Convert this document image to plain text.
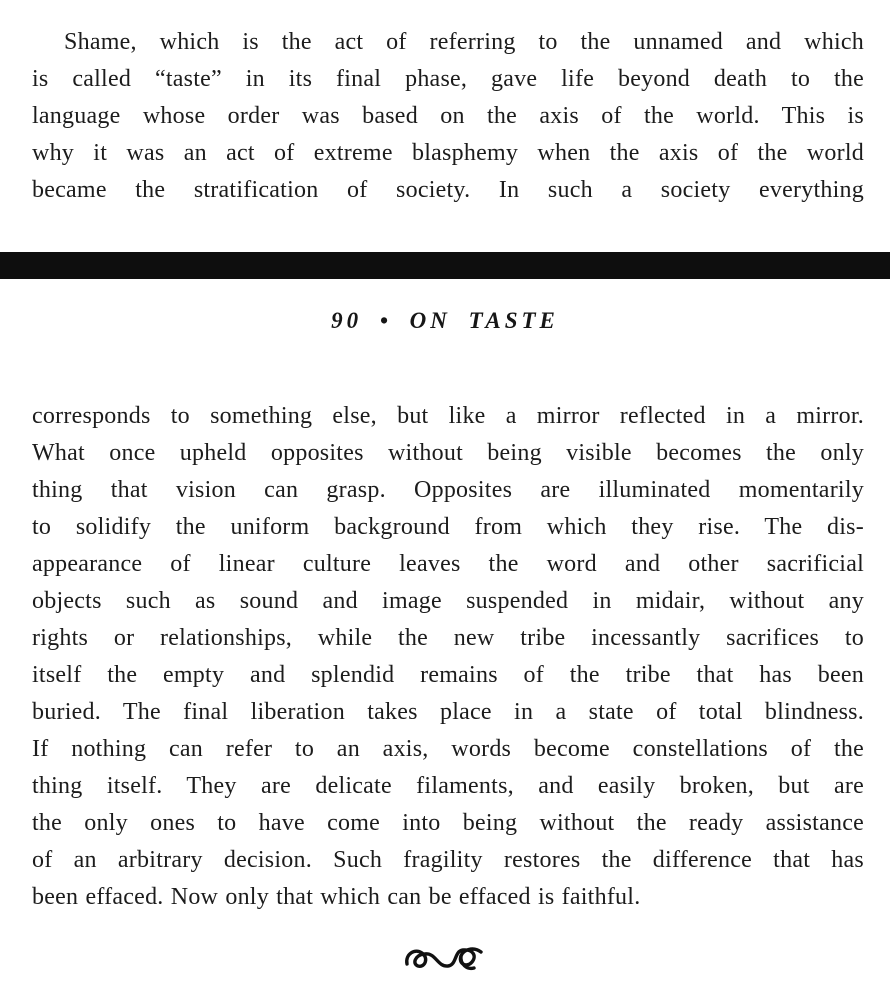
Shame, which is the act of referring to the unnamed and which
is called “taste” in its final phase, gave life beyond death to the
language whose order was based on the axis of the world. This is
why it was an act of extreme blasphemy when the axis of the world
became the stratification of society. In such a society everything
90 • ON TASTE
corresponds to something else, but like a mirror reflected in a mirror.
What once upheld opposites without being visible becomes the only
thing that vision can grasp. Opposites are illuminated momentarily
to solidify the uniform background from which they rise. The dis-
appearance of linear culture leaves the word and other sacrificial
objects such as sound and image suspended in midair, without any
rights or relationships, while the new tribe incessantly sacrifices to
itself the empty and splendid remains of the tribe that has been
buried. The final liberation takes place in a state of total blindness.
If nothing can refer to an axis, words become constellations of the
thing itself. They are delicate filaments, and easily broken, but are
the only ones to have come into being without the ready assistance
of an arbitrary decision. Such fragility restores the difference that has
been effaced. Now only that which can be effaced is faithful.
